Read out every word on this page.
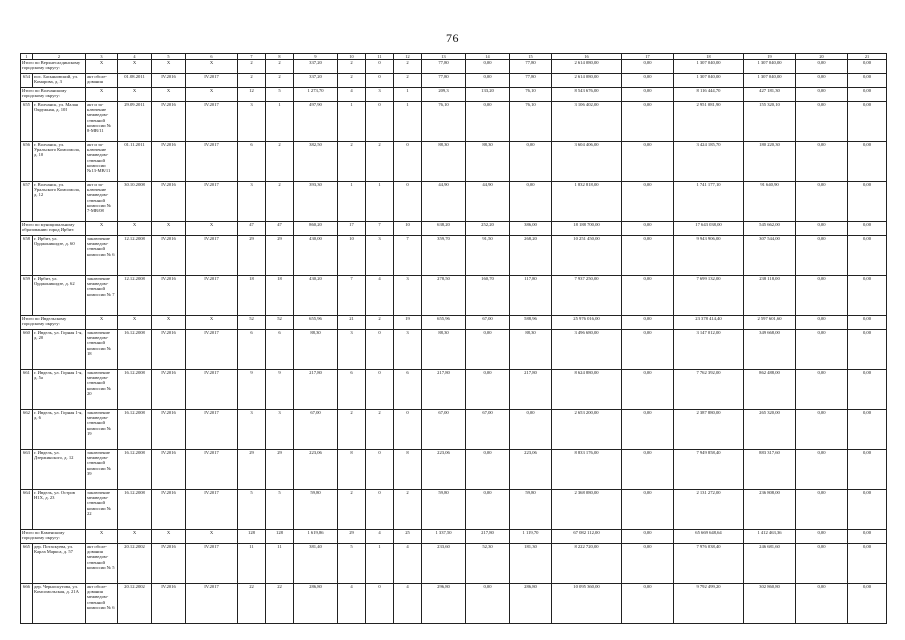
76
1	2	3	4	5	6	7	8	9	10	11	12	13	14	15	16	17	18	19	20	21
Итого по Верхнесалдинскому городскому округу:		X	X	X	X	2	2	337,20	2	0	2	77,80	0,00	77,80	2 614 080,00	0,00	1 307 040,00	1 307 040,00	0,00	0,00
654	пос. Басьяновский, ул. Комарова, д. 3	акт обсле-дования	01.08.2011	IV.2016	IV.2017	2	2	337,20	2	0	2	77,80	0,00	77,80	2 614 080,00	0,00	1 307 040,00	1 307 040,00	0,00	0,00
Итого по Волчанскому городскому округу:		X	X	X	X	12	5	1 273,70	4	3	1	209,3	133,20	76,10	8 543 676,00	0,00	8 116 444,70	427 181,30	0,00	0,00
655	г. Волчанск, ул. Малая Окружная, д. 10I	акт и за-ключение межведом-ственной комиссии № 8-МВ/11	29.09.2011	IV.2016	IV.2017	3	1	497,90	1	0	1	76,10	0,00	76,10	3 106 402,00	0,00	2 951 081,90	155 320,10	0,00	0,00
656	г. Волчанск, ул. Уральского Комсомола, д. 10	акт и за-ключение межведом-ственной комиссии №13-МВ/11	01.11.2011	IV.2016	IV.2017	6	2	382,50	2	2	0	88,30	88,30	0,00	3 604 406,00	0,00	3 424 185,70	180 220,30	0,00	0,00
657	г. Волчанск, ул. Уральского Комсомола, д. 12	акт и за-ключение межведом-ственной комиссии № 7-МВ/08	30.10.2008	IV.2016	IV.2017	3	2	393,30	1	1	0	44,90	44,90	0,00	1 832 818,00	0,00	1 741 177,10	91 640,90	0,00	0,00
Итого по муниципальному образованию город Ирбит:		X	X	X	X	47	47	860,20	17	7	10	638,20	252,20	386,00	18 188 700,00	0,00	17 643 038,00	545 662,00	0,00	0,00
658	г. Ирбит, ул. Орджоникидзе, д. 60	заключение межведом-ственной комиссии № 6	12.12.2008	IV.2016	IV.2017	29	29	430,00	10	3	7	359,70	91,50	268,20	10 251 450,00	0,00	9 943 906,00	307 544,00	0,00	0,00
659	г. Ирбит, ул. Орджоникидзе, д. 62	заключение межведом-ственной комиссии № 7	12.12.2008	IV.2016	IV.2017	18	18	430,20	7	4	3	278,50	160,70	117,80	7 937 250,00	0,00	7 699 132,00	238 118,00	0,00	0,00
Итого по Ивдельскому городскому округу:		X	X	X	X	52	52	655,96	21	2	19	655,96	67,00	588,96	25 976 016,00	0,00	23 378 414,40	2 597 601,60	0,00	0,00
660	г. Ивдель, ул. Горная 1-я, д. 20	заключение межведом-ственной комиссии № 18	16.12.2008	IV.2016	IV.2017	6	6	88,30	3	0	3	88,30	0,00	88,30	3 496 680,00	0,00	3 147 012,00	349 668,00	0,00	0,00
661	г. Ивдель, ул. Горная 1-я, д. 5а	заключение межведом-ственной комиссии № 20	16.12.2008	IV.2016	IV.2017	9	9	217,80	6	0	6	217,80	0,00	217,80	8 624 880,00	0,00	7 762 392,00	862 488,00	0,00	0,00
662	г. Ивдель, ул. Горная 1-я, д. 6	заключение межведом-ственной комиссии № 19	16.12.2008	IV.2016	IV.2017	3	3	67,00	2	2	0	67,00	67,00	0,00	2 653 200,00	0,00	2 387 880,00	265 320,00	0,00	0,00
663	г. Ивдель, ул. Дзержинского, д. 12	заключение межведом-ственной комиссии № 39	16.12.2008	IV.2016	IV.2017	29	29	223,06	8	0	8	223,06	0,00	223,06	8 833 176,00	0,00	7 949 858,40	883 317,60	0,00	0,00
664	г. Ивдель, ул. Остров Н1Х, д. 23	заключение межведом-ственной комиссии № 22	16.12.2008	IV.2016	IV.2017	5	5	59,80	2	0	2	59,80	0,00	59,80	2 368 080,00	0,00	2 131 272,00	236 808,00	0,00	0,00
Итого по Каменскому городскому округу:		X	X	X	X	128	128	1 619,86	29	4	25	1 337,50	217,80	1 119,70	67 082 112,00	0,00	65 669 648,64	1 412 463,36	0,00	0,00
665	дер. Потаскуева, ул. Карла Маркса, д. 57	акт обсле-дования межведом-ственной комиссии № 5	20.12.2002	IV.2016	IV.2017	11	11	381,40	5	1	4	233,60	52,30	181,30	8 222 720,00	0,00	7 976 038,40	246 681,60	0,00	0,00
666	дер. Черноскутова, ул. Комсомольская, д. 21А	акт обсле-дования межведом-ственной комиссии № 6	20.12.2002	IV.2016	IV.2017	22	22	286,80	4	0	4	296,80	0,00	286,80	10 095 360,00	0,00	9 792 499,20	302 860,80	0,00	0,00
